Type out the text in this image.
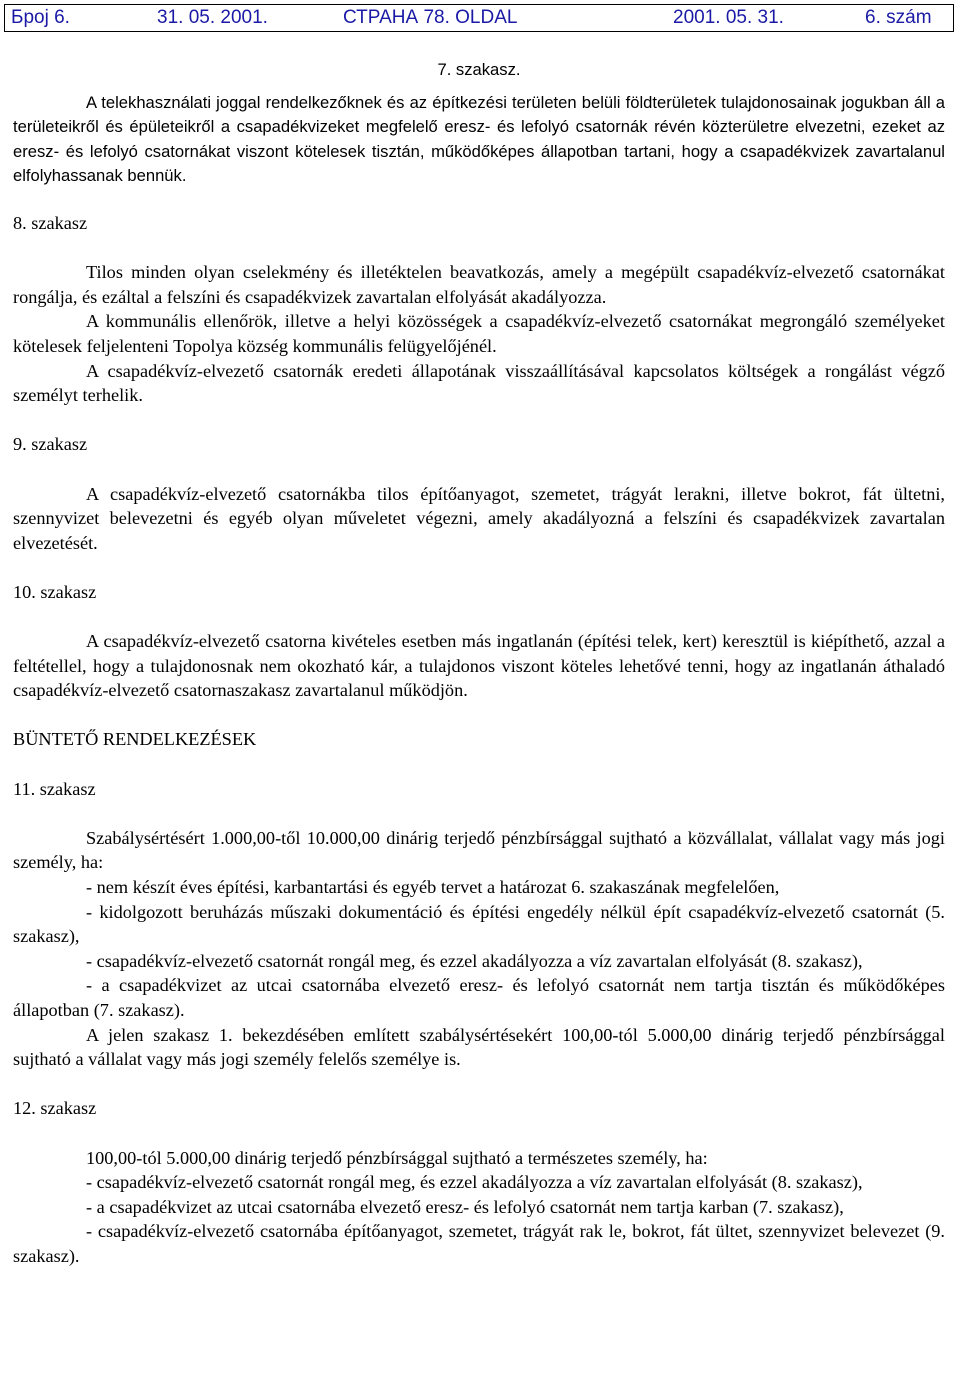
Број 6.	31. 05. 2001.	СТРАНА 78. OLDAL	2001. 05. 31.	6. szám

7. szakasz.

A telekhasználati joggal rendelkezőknek és az építkezési területen belüli földterületek tulajdonosainak jogukban áll a területeikről és épületeikről a csapadékvizeket megfelelő eresz- és lefolyó csatornák révén közterületre elvezetni, ezeket az eresz- és lefolyó csatornákat viszont kötelesek tisztán, működőképes állapotban tartani, hogy a csapadékvizek zavartalanul elfolyhassanak bennük.

8. szakasz

Tilos minden olyan cselekmény és illetéktelen beavatkozás, amely a megépült csapadékvíz-elvezető csatornákat rongálja, és ezáltal a felszíni és csapadékvizek zavartalan elfolyását akadályozza.

A kommunális ellenőrök, illetve a helyi közösségek a csapadékvíz-elvezető csatornákat megrongáló személyeket kötelesek feljelenteni Topolya község kommunális felügyelőjénél.

A csapadékvíz-elvezető csatornák eredeti állapotának visszaállításával kapcsolatos költségek a rongálást végző személyt terhelik.

9. szakasz

A csapadékvíz-elvezető csatornákba tilos építőanyagot, szemetet, trágyát lerakni, illetve bokrot, fát ültetni, szennyvizet belevezetni és egyéb olyan műveletet végezni, amely akadályozná a felszíni és csapadékvizek zavartalan elvezetését.

10. szakasz

A csapadékvíz-elvezető csatorna kivételes esetben más ingatlanán (építési telek, kert) keresztül is kiépíthető, azzal a feltétellel, hogy a tulajdonosnak nem okozható kár, a tulajdonos viszont köteles lehetővé tenni, hogy az ingatlanán áthaladó csapadékvíz-elvezető csatornaszakasz zavartalanul működjön.

BÜNTETŐ RENDELKEZÉSEK

11. szakasz

Szabálysértésért 1.000,00-től 10.000,00 dinárig terjedő pénzbírsággal sujtható a közvállalat, vállalat vagy más jogi személy, ha:

- nem készít éves építési, karbantartási és egyéb tervet a határozat 6. szakaszának megfelelően,

- kidolgozott beruházás műszaki dokumentáció és építési engedély nélkül épít csapadékvíz-elvezető csatornát (5. szakasz),

- csapadékvíz-elvezető csatornát rongál meg, és ezzel akadályozza a víz zavartalan elfolyását (8. szakasz),

- a csapadékvizet az utcai csatornába elvezető eresz- és lefolyó csatornát nem tartja tisztán és működőképes állapotban (7. szakasz).

A jelen szakasz 1. bekezdésében említett szabálysértésekért 100,00-tól 5.000,00 dinárig terjedő pénzbírsággal sujtható a vállalat vagy más jogi személy felelős személye is.

12. szakasz

100,00-tól 5.000,00 dinárig terjedő pénzbírsággal sujtható a természetes személy, ha:

- csapadékvíz-elvezető csatornát rongál meg, és ezzel akadályozza a víz zavartalan elfolyását (8. szakasz),

- a csapadékvizet az utcai csatornába elvezető eresz- és lefolyó csatornát nem tartja karban (7. szakasz),

- csapadékvíz-elvezető csatornába építőanyagot, szemetet, trágyát rak le, bokrot, fát ültet, szennyvizet belevezet (9. szakasz).
